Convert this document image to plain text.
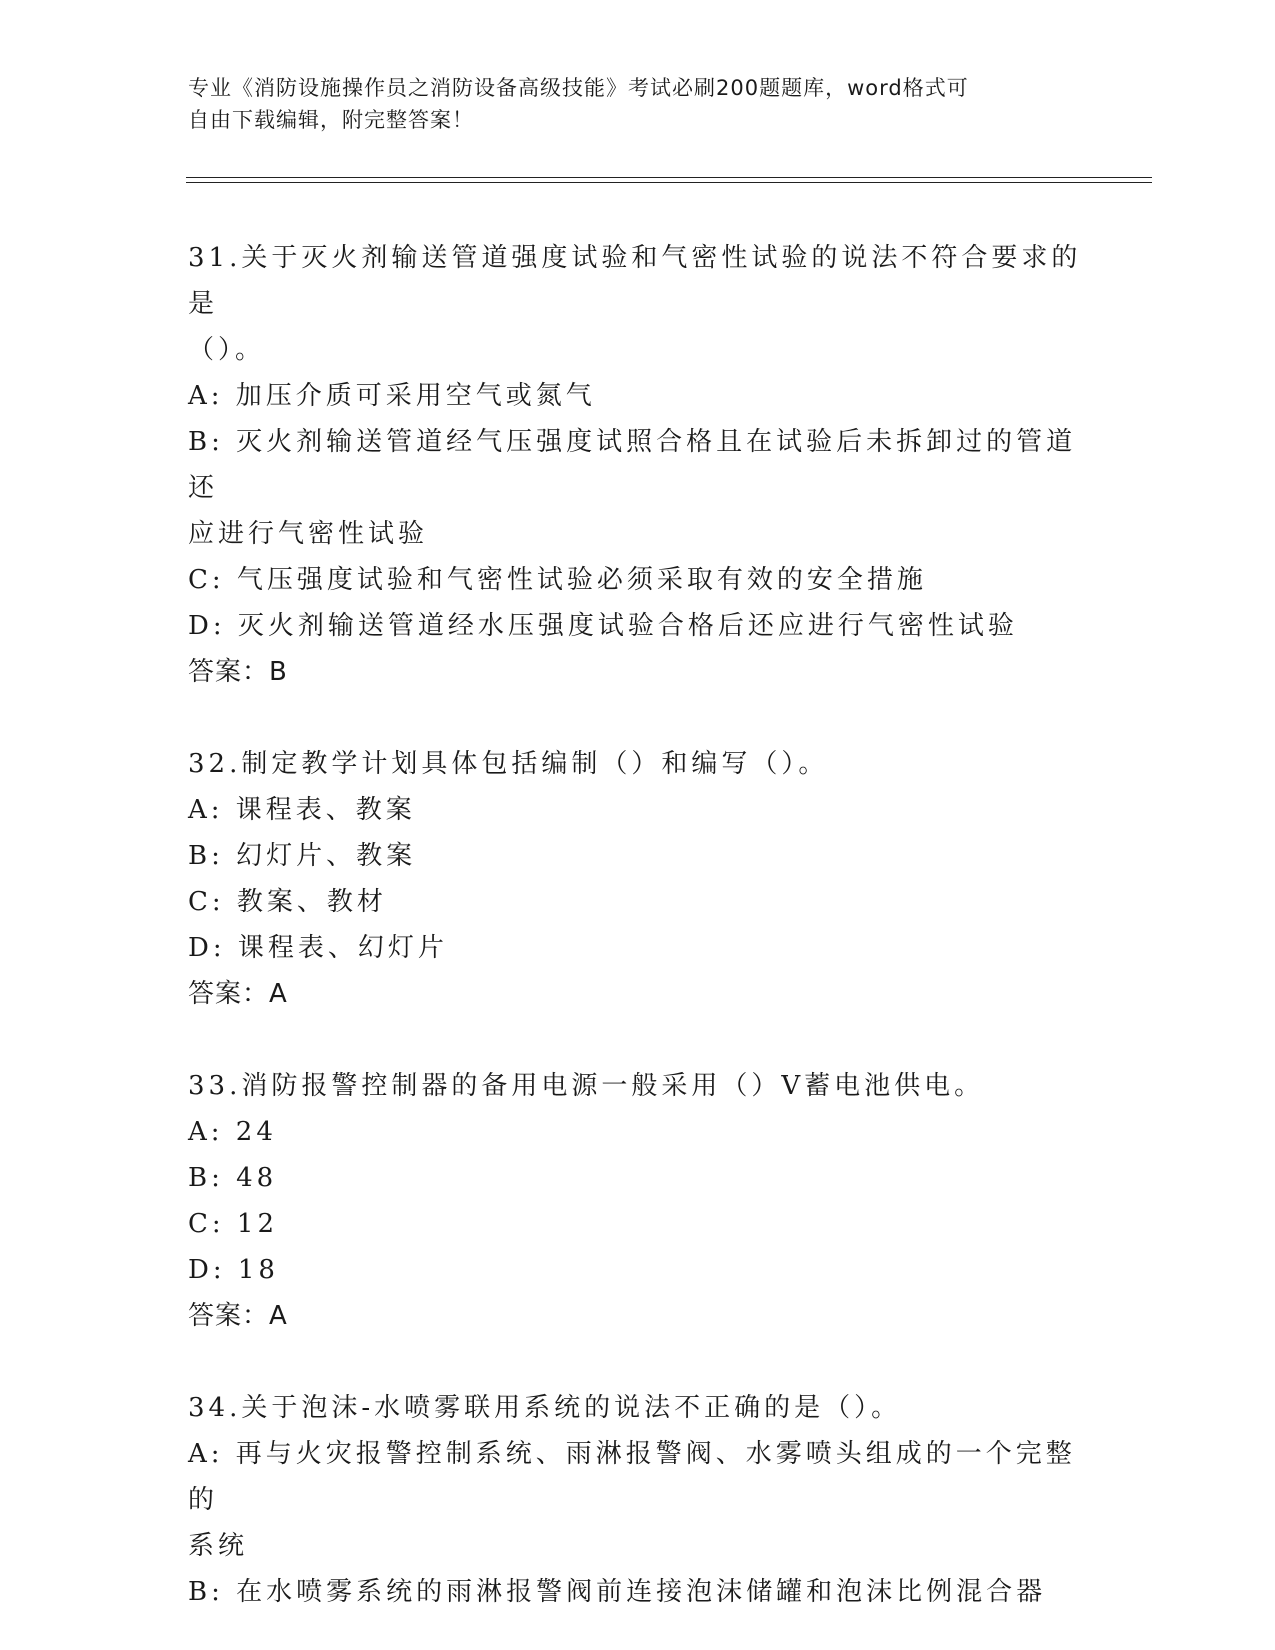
专业《消防设施操作员之消防设备高级技能》考试必刷200题题库，word格式可
自由下载编辑，附完整答案！
31.关于灭火剂输送管道强度试验和气密性试验的说法不符合要求的是
（）。
A: 加压介质可采用空气或氮气
B: 灭火剂输送管道经气压强度试照合格且在试验后未拆卸过的管道还
应进行气密性试验
C: 气压强度试验和气密性试验必须采取有效的安全措施
D: 灭火剂输送管道经水压强度试验合格后还应进行气密性试验
答案：B
32.制定教学计划具体包括编制（）和编写（）。
A: 课程表、教案
B: 幻灯片、教案
C: 教案、教材
D: 课程表、幻灯片
答案：A
33.消防报警控制器的备用电源一般采用（）V蓄电池供电。
A: 24
B: 48
C: 12
D: 18
答案：A
34.关于泡沫-水喷雾联用系统的说法不正确的是（）。
A: 再与火灾报警控制系统、雨淋报警阀、水雾喷头组成的一个完整的
系统
B: 在水喷雾系统的雨淋报警阀前连接泡沫储罐和泡沫比例混合器
